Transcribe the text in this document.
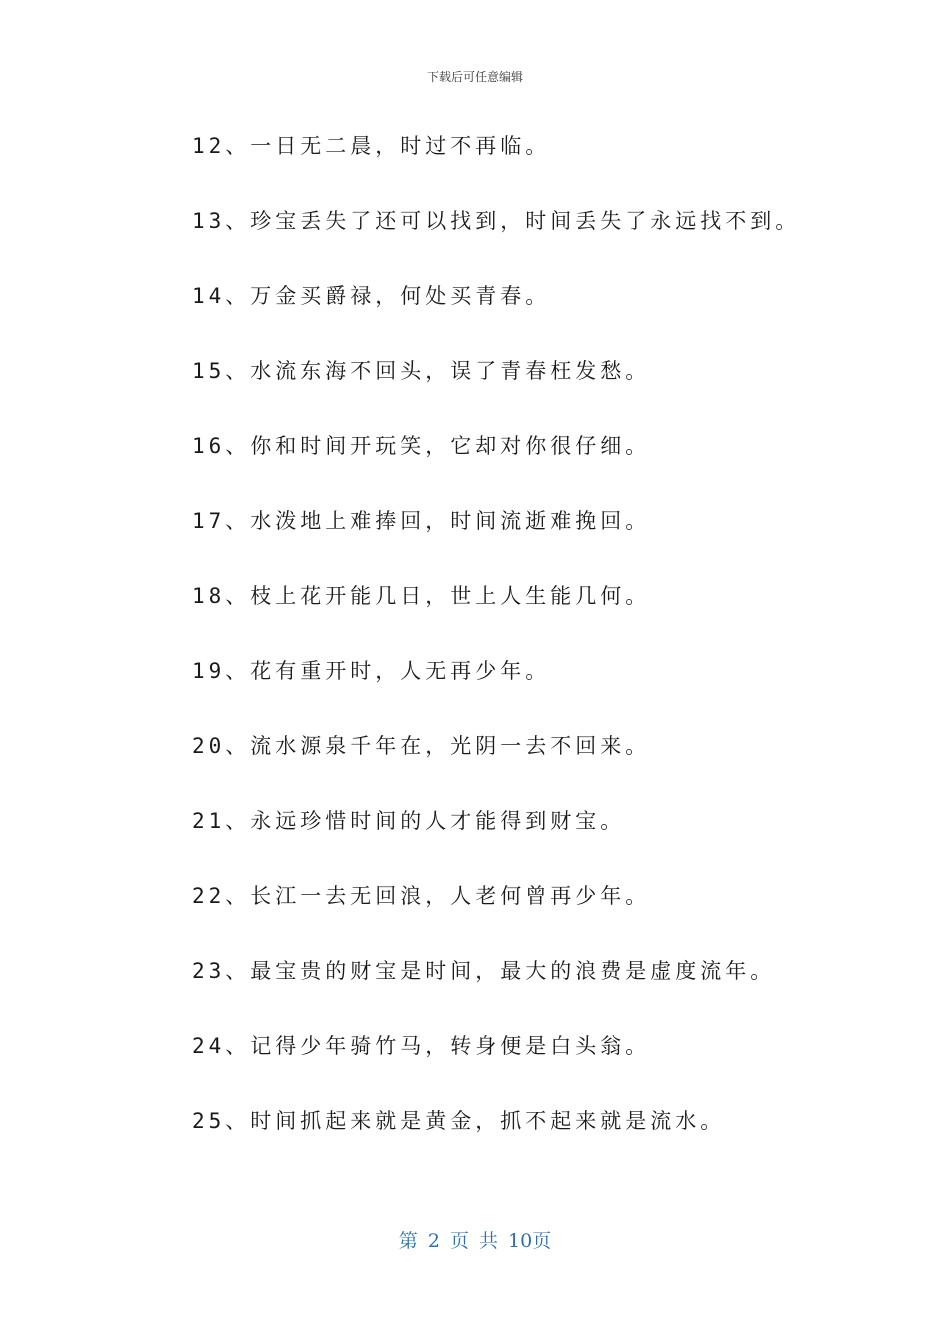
下载后可任意编辑
12、一日无二晨，时过不再临。
13、珍宝丢失了还可以找到，时间丢失了永远找不到。
14、万金买爵禄，何处买青春。
15、水流东海不回头，误了青春枉发愁。
16、你和时间开玩笑，它却对你很仔细。
17、水泼地上难捧回，时间流逝难挽回。
18、枝上花开能几日，世上人生能几何。
19、花有重开时，人无再少年。
20、流水源泉千年在，光阴一去不回来。
21、永远珍惜时间的人才能得到财宝。
22、长江一去无回浪，人老何曾再少年。
23、最宝贵的财宝是时间，最大的浪费是虚度流年。
24、记得少年骑竹马，转身便是白头翁。
25、时间抓起来就是黄金，抓不起来就是流水。
第 2 页 共 10页
